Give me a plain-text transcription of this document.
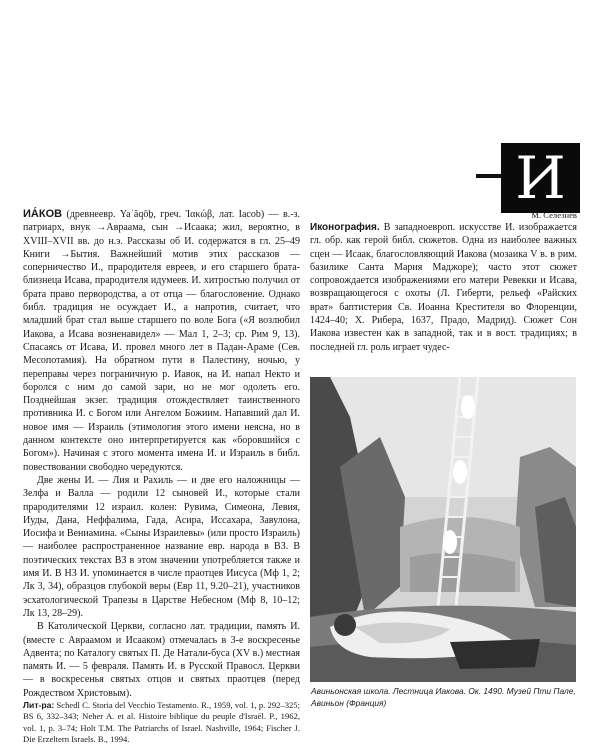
И

ИА́КОВ (древнеевр. Yaʿăqōḇ, греч. Ἰακώβ, лат. Iacob) — в.-з. патриарх, внук →Авраама, сын →Исаака; жил, вероятно, в XVIII–XVII вв. до н.э. Рассказы об И. содержатся в гл. 25–49 Книги →Бытия. Важнейший мотив этих рассказов — соперничество И., прародителя евреев, и его старшего брата-близнеца Исава, прародителя идумеев. И. хитростью получил от брата право первородства, а от отца — благословение. Однако библ. традиция не осуждает И., а напротив, считает, что младший брат стал выше старшего по воле Бога («Я возлюбил Иакова, а Исава возненавидел» — Мал 1, 2–3; ср. Рим 9, 13). Спасаясь от Исава, И. провел много лет в Падан-Араме (Сев. Месопотамия). На обратном пути в Палестину, ночью, у переправы через пограничную р. Иавок, на И. напал Некто и боролся с ним до самой зари, но не мог одолеть его. Позднейшая экзег. традиция отождествляет таинственного противника И. с Богом или Ангелом Божиим. Напавший дал И. новое имя — Израиль (этимология этого имени неясна, но в данном контексте оно интерпретируется как «боровшийся с Богом»). Начиная с этого момента имена И. и Израиль в библ. повествовании свободно чередуются.

Две жены И. — Лия и Рахиль — и две его наложницы — Зелфа и Валла — родили 12 сыновей И., которые стали прародителями 12 израил. колен: Рувима, Симеона, Левия, Иуды, Дана, Неффалима, Гада, Асира, Иссахара, Завулона, Иосифа и Вениамина. «Сыны Израилевы» (или просто Израиль) — наиболее распространенное название евр. народа в ВЗ. В поэтических текстах ВЗ в этом значении употребляется также и имя И. В НЗ И. упоминается в числе праотцев Иисуса (Мф 1, 2; Лк 3, 34), образцов глубокой веры (Евр 11, 9.20–21), участников эсхатологической Трапезы в Царстве Небесном (Мф 8, 10–12; Лк 13, 28–29).

В Католической Церкви, согласно лат. традиции, память И. (вместе с Авраамом и Исааком) отмечалась в 3-е воскресенье Адвента; по Каталогу святых П. Де Натали-буса (XV в.) местная память И. — 5 февраля. Память И. в Русской Правосл. Церкви — в воскресенья святых отцов и святых праотцев (перед Рождеством Христовым).

Лит-ра: Schedl C. Storia del Vecchio Testamento. R., 1959, vol. 1, p. 292–325; BS 6, 332–343; Neher A. et al. Histoire biblique du peuple d'Israël. P., 1962, vol. 1, p. 3–74; Holt T.M. The Patriarchs of Israel. Nashville, 1964; Fischer J. Die Erzeltern Israels. B., 1994.

М. Селезнёв

Иконография. В западноевроп. искусстве И. изображается гл. обр. как герой библ. сюжетов. Одна из наиболее важных сцен — Исаак, благословляющий Иакова (мозаика V в. в рим. базилике Санта Мария Маджоре); часто этот сюжет сопровождается изображениями его матери Ревекки и Исава, возвращающегося с охоты (Л. Гиберти, рельеф «Райских врат» баптистерия Св. Иоанна Крестителя во Флоренции, 1424–40; Х. Рибера, 1637, Прадо, Мадрид). Сюжет Сон Иакова известен как в западной, так и в вост. традициях; в последней гл. роль играет чудес-

Авиньонская школа. Лестница Иакова. Ок. 1490. Музей Пти Пале, Авиньон (Франция)
